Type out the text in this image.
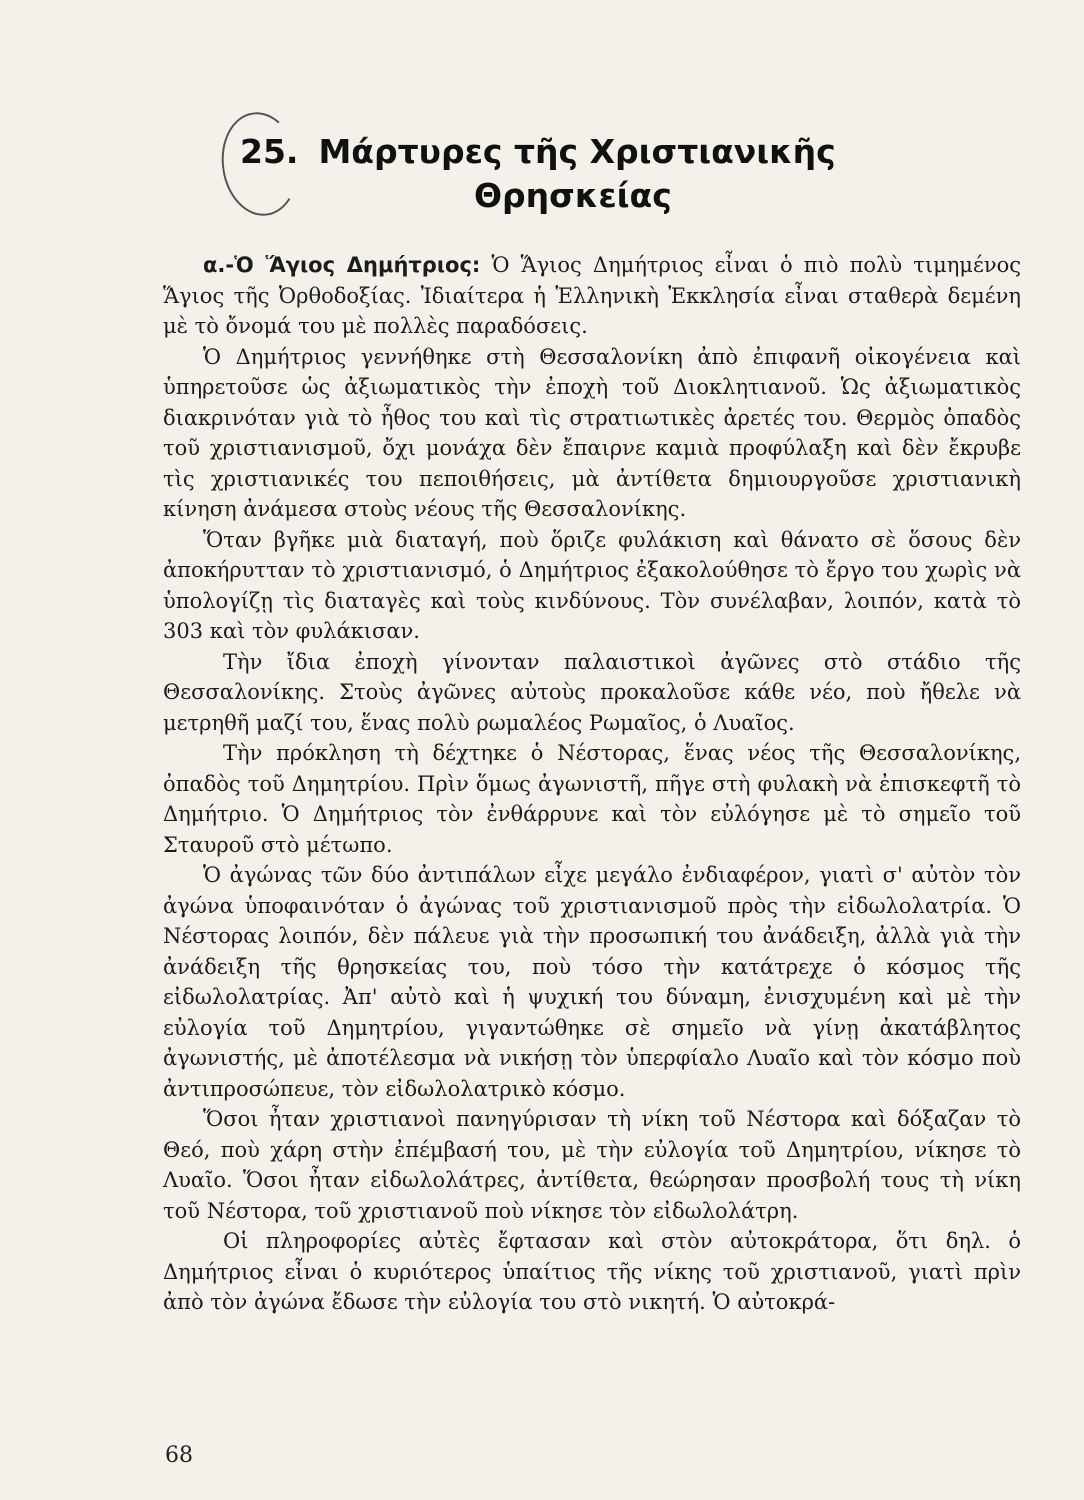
25. Μάρτυρες τῆς Χριστιανικῆς
Θρησκείας

α.-Ὁ Ἅγιος Δημήτριος: Ὁ Ἅγιος Δημήτριος εἶναι ὁ πιὸ πολὺ τιμημένος Ἅγιος τῆς Ὀρθοδοξίας. Ἰδιαίτερα ἡ Ἑλληνικὴ Ἐκκλησία εἶναι σταθερὰ δεμένη μὲ τὸ ὄνομά του μὲ πολλὲς παραδόσεις.

Ὁ Δημήτριος γεννήθηκε στὴ Θεσσαλονίκη ἀπὸ ἐπιφανῆ οἰκογένεια καὶ ὑπηρετοῦσε ὡς ἀξιωματικὸς τὴν ἐποχὴ τοῦ Διοκλητιανοῦ. Ὡς ἀξιωματικὸς διακρινόταν γιὰ τὸ ἦθος του καὶ τὶς στρατιωτικὲς ἀρετές του. Θερμὸς ὀπαδὸς τοῦ χριστιανισμοῦ, ὄχι μονάχα δὲν ἔπαιρνε καμιὰ προφύλαξη καὶ δὲν ἔκρυβε τὶς χριστιανικές του πεποιθήσεις, μὰ ἀντίθετα δημιουργοῦσε χριστιανικὴ κίνηση ἀνάμεσα στοὺς νέους τῆς Θεσσαλονίκης.

Ὅταν βγῆκε μιὰ διαταγή, ποὺ ὅριζε φυλάκιση καὶ θάνατο σὲ ὅσους δὲν ἀποκήρυτταν τὸ χριστιανισμό, ὁ Δημήτριος ἐξακολούθησε τὸ ἔργο του χωρὶς νὰ ὑπολογίζῃ τὶς διαταγὲς καὶ τοὺς κινδύνους. Τὸν συνέλαβαν, λοιπόν, κατὰ τὸ 303 καὶ τὸν φυλάκισαν.

Τὴν ἴδια ἐποχὴ γίνονταν παλαιστικοὶ ἀγῶνες στὸ στάδιο τῆς Θεσσαλονίκης. Στοὺς ἀγῶνες αὐτοὺς προκαλοῦσε κάθε νέο, ποὺ ἤθελε νὰ μετρηθῆ μαζί του, ἕνας πολὺ ρωμαλέος Ρωμαῖος, ὁ Λυαῖος.

Τὴν πρόκληση τὴ δέχτηκε ὁ Νέστορας, ἕνας νέος τῆς Θεσσαλονίκης, ὀπαδὸς τοῦ Δημητρίου. Πρὶν ὅμως ἀγωνιστῆ, πῆγε στὴ φυλακὴ νὰ ἐπισκεφτῆ τὸ Δημήτριο. Ὁ Δημήτριος τὸν ἐνθάρρυνε καὶ τὸν εὐλόγησε μὲ τὸ σημεῖο τοῦ Σταυροῦ στὸ μέτωπο.

Ὁ ἀγώνας τῶν δύο ἀντιπάλων εἶχε μεγάλο ἐνδιαφέρον, γιατὶ σ' αὐτὸν τὸν ἀγώνα ὑποφαινόταν ὁ ἀγώνας τοῦ χριστιανισμοῦ πρὸς τὴν εἰδωλολατρία. Ὁ Νέστορας λοιπόν, δὲν πάλευε γιὰ τὴν προσωπική του ἀνάδειξη, ἀλλὰ γιὰ τὴν ἀνάδειξη τῆς θρησκείας του, ποὺ τόσο τὴν κατάτρεχε ὁ κόσμος τῆς εἰδωλολατρίας. Ἀπ' αὐτὸ καὶ ἡ ψυχική του δύναμη, ἐνισχυμένη καὶ μὲ τὴν εὐλογία τοῦ Δημητρίου, γιγαντώθηκε σὲ σημεῖο νὰ γίνῃ ἀκατάβλητος ἀγωνιστής, μὲ ἀποτέλεσμα νὰ νικήσῃ τὸν ὑπερφίαλο Λυαῖο καὶ τὸν κόσμο ποὺ ἀντιπροσώπευε, τὸν εἰδωλολατρικὸ κόσμο.

Ὅσοι ἦταν χριστιανοὶ πανηγύρισαν τὴ νίκη τοῦ Νέστορα καὶ δόξαζαν τὸ Θεό, ποὺ χάρη στὴν ἐπέμβασή του, μὲ τὴν εὐλογία τοῦ Δημητρίου, νίκησε τὸ Λυαῖο. Ὅσοι ἦταν εἰδωλολάτρες, ἀντίθετα, θεώρησαν προσβολή τους τὴ νίκη τοῦ Νέστορα, τοῦ χριστιανοῦ ποὺ νίκησε τὸν εἰδωλολάτρη.

Οἱ πληροφορίες αὐτὲς ἔφτασαν καὶ στὸν αὐτοκράτορα, ὅτι δηλ. ὁ Δημήτριος εἶναι ὁ κυριότερος ὑπαίτιος τῆς νίκης τοῦ χριστιανοῦ, γιατὶ πρὶν ἀπὸ τὸν ἀγώνα ἔδωσε τὴν εὐλογία του στὸ νικητή. Ὁ αὐτοκρά-

68
